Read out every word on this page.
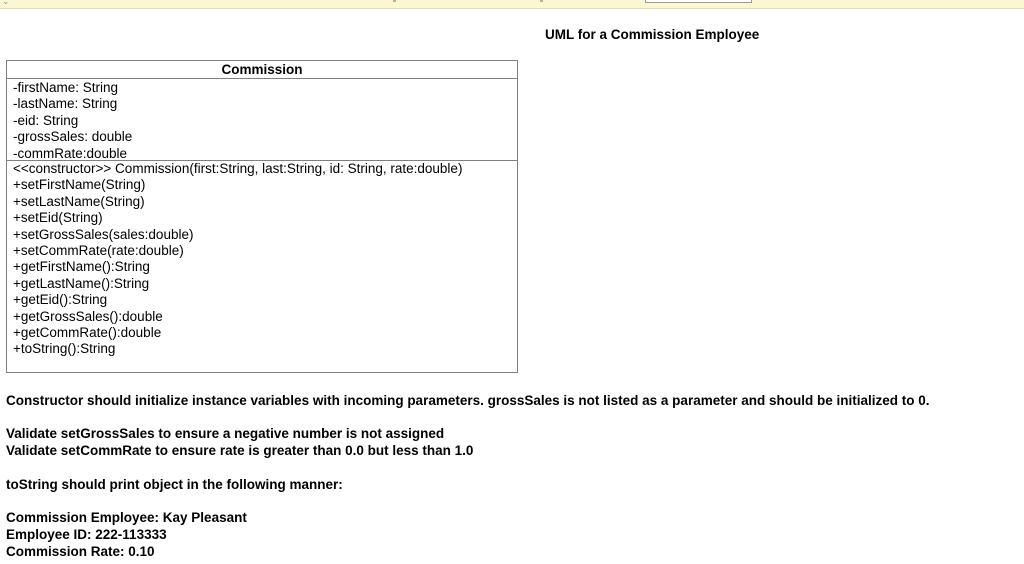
⌄
UML for a Commission Employee
Commission
-firstName: String
-lastName: String
-eid: String
-grossSales: double
-commRate:double
<<constructor>> Commission(first:String, last:String, id: String, rate:double)
+setFirstName(String)
+setLastName(String)
+setEid(String)
+setGrossSales(sales:double)
+setCommRate(rate:double)
+getFirstName():String
+getLastName():String
+getEid():String
+getGrossSales():double
+getCommRate():double
+toString():String
Constructor should initialize instance variables with incoming parameters. grossSales is not listed as a parameter and should be initialized to 0.
Validate setGrossSales to ensure a negative number is not assigned
Validate setCommRate to ensure rate is greater than 0.0 but less than 1.0
toString should print object in the following manner:
Commission Employee: Kay Pleasant
Employee ID: 222-113333
Commission Rate: 0.10
